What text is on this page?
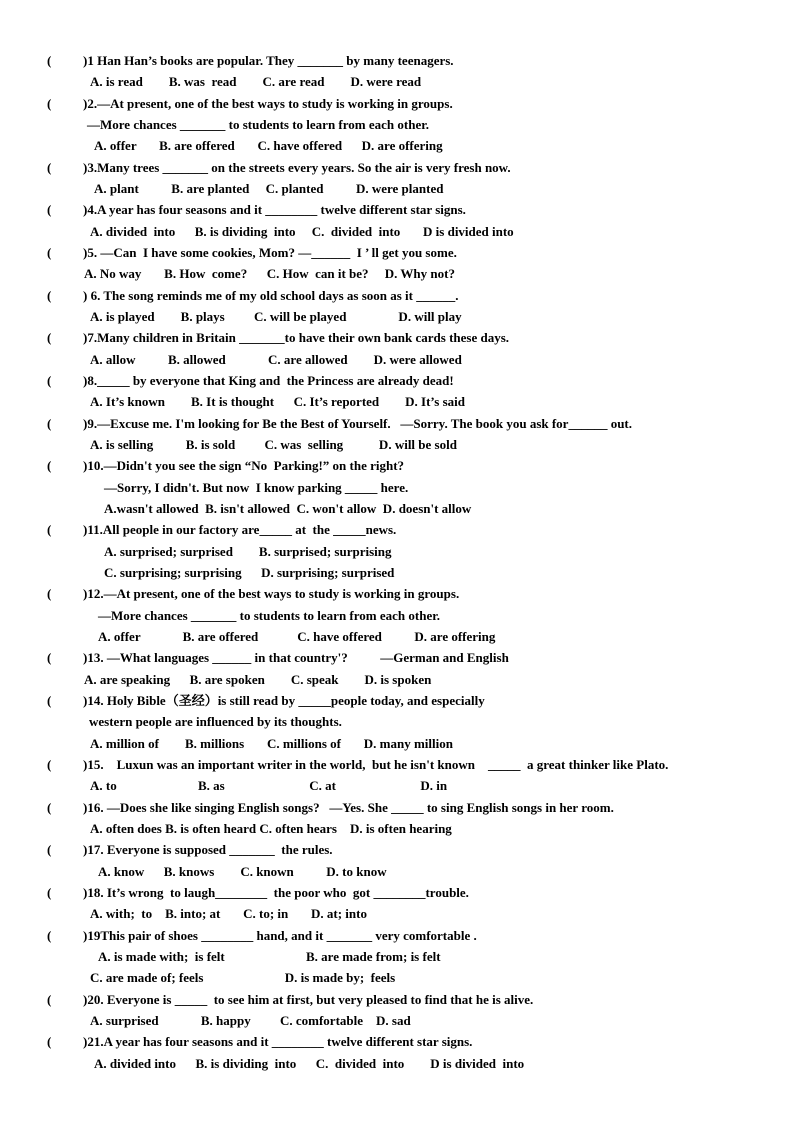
( )1 Han Han’s books are popular. They _______ by many teenagers.
A. is read        B. was  read        C. are read        D. were read
( )2.—At present, one of the best ways to study is working in groups.
—More chances _______ to students to learn from each other.
A. offer       B. are offered       C. have offered      D. are offering
( )3.Many trees _______ on the streets every years. So the air is very fresh now.
A. plant          B. are planted     C. planted          D. were planted
( )4.A year has four seasons and it ________ twelve different star signs.
A. divided  into      B. is dividing  into     C.  divided  into       D is divided into
( )5. —Can  I have some cookies, Mom? —______  I ’ ll get you some.
A. No way       B. How  come?      C. How  can it be?     D. Why not?
( ) 6. The song reminds me of my old school days as soon as it ______.
A. is played        B. plays         C. will be played                D. will play
( )7.Many children in Britain _______to have their own bank cards these days.
A. allow          B. allowed             C. are allowed        D. were allowed
( )8._____ by everyone that King and  the Princess are already dead!
A. It’s known        B. It is thought      C. It’s reported        D. It’s said
( )9.—Excuse me. I'm looking for Be the Best of Yourself.   —Sorry. The book you ask for______ out.
A. is selling          B. is sold         C. was  selling           D. will be sold
( )10.—Didn't you see the sign “No  Parking!” on the right?
—Sorry, I didn't. But now  I know parking _____ here.
A.wasn't allowed  B. isn't allowed  C. won't allow  D. doesn't allow
( )11.All people in our factory are_____ at  the _____news.
A. surprised; surprised        B. surprised; surprising
C. surprising; surprising      D. surprising; surprised
( )12.—At present, one of the best ways to study is working in groups.
—More chances _______ to students to learn from each other.
A. offer             B. are offered            C. have offered          D. are offering
( )13. —What languages ______ in that country'?          —German and English
A. are speaking      B. are spoken        C. speak        D. is spoken
( )14. Holy Bible（圣经）is still read by _____people today, and especially
western people are influenced by its thoughts.
A. million of        B. millions       C. millions of       D. many million
( )15.    Luxun was an important writer in the world,  but he isn't known    _____  a great thinker like Plato.
A. to                         B. as                          C. at                          D. in
( )16. —Does she like singing English songs?   —Yes. She _____ to sing English songs in her room.
A. often does B. is often heard C. often hears    D. is often hearing
( )17. Everyone is supposed _______  the rules.
A. know      B. knows        C. known          D. to know
( )18. It’s wrong  to laugh________  the poor who  got ________trouble.
A. with;  to    B. into; at       C. to; in       D. at; into
( )19This pair of shoes ________ hand, and it _______ very comfortable .
A. is made with;  is felt                         B. are made from; is felt
C. are made of; feels                         D. is made by;  feels
( )20. Everyone is _____  to see him at first, but very pleased to find that he is alive.
A. surprised             B. happy         C. comfortable    D. sad
( )21.A year has four seasons and it ________ twelve different star signs.
A. divided into      B. is dividing  into      C.  divided  into        D is divided  into
